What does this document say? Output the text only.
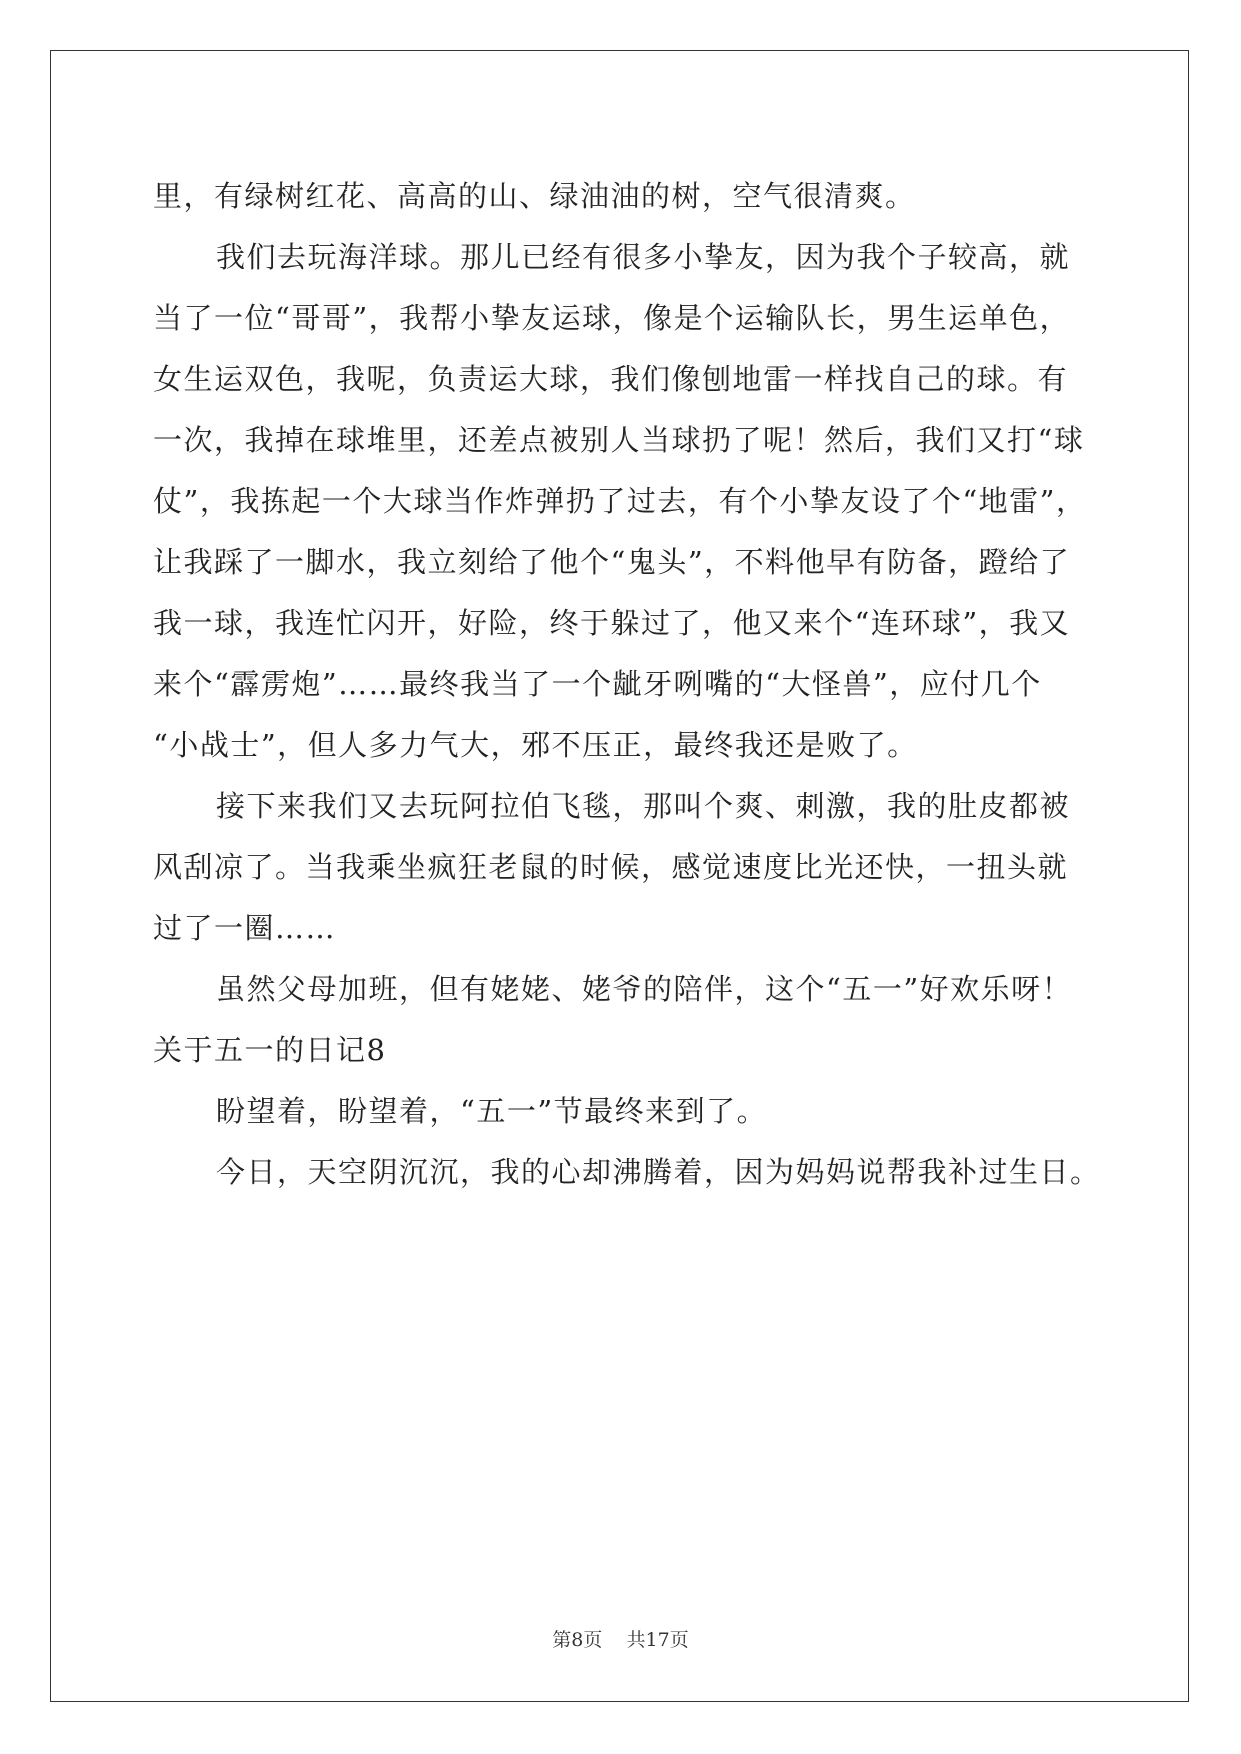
里，有绿树红花、高高的山、绿油油的树，空气很清爽。
我们去玩海洋球。那儿已经有很多小挚友，因为我个子较高，就
当了一位“哥哥”，我帮小挚友运球，像是个运输队长，男生运单色，
女生运双色，我呢，负责运大球，我们像刨地雷一样找自己的球。有
一次，我掉在球堆里，还差点被别人当球扔了呢！然后，我们又打“球
仗”，我拣起一个大球当作炸弹扔了过去，有个小挚友设了个“地雷”，
让我踩了一脚水，我立刻给了他个“鬼头”，不料他早有防备，蹬给了
我一球，我连忙闪开，好险，终于躲过了，他又来个“连环球”，我又
来个“霹雳炮”……最终我当了一个龇牙咧嘴的“大怪兽”，应付几个
“小战士”，但人多力气大，邪不压正，最终我还是败了。
接下来我们又去玩阿拉伯飞毯，那叫个爽、刺激，我的肚皮都被
风刮凉了。当我乘坐疯狂老鼠的时候，感觉速度比光还快，一扭头就
过了一圈……
虽然父母加班，但有姥姥、姥爷的陪伴，这个“五一”好欢乐呀！
关于五一的日记8
盼望着，盼望着，“五一”节最终来到了。
今日，天空阴沉沉，我的心却沸腾着，因为妈妈说帮我补过生日。
第8页    共17页
